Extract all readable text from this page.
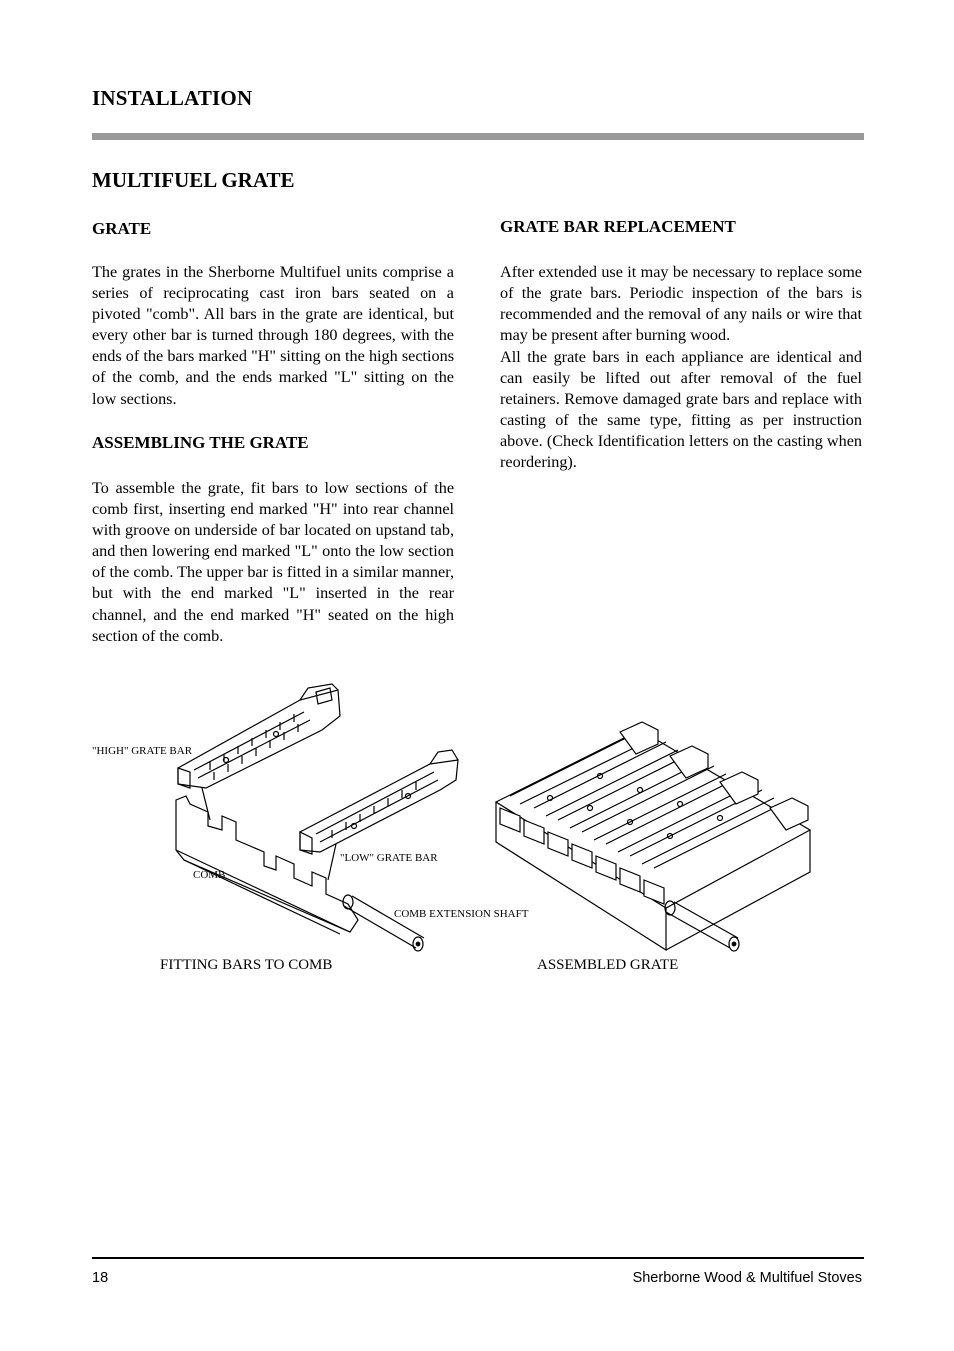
INSTALLATION
MULTIFUEL GRATE
GRATE

The grates in the Sherborne Multifuel units comprise a series of reciprocating cast iron bars seated on a pivoted "comb". All bars in the grate are identical, but every other bar is turned through 180 degrees, with the ends of the bars marked "H" sitting on the high sections of the comb, and the ends marked "L" sitting on the low sections.

ASSEMBLING THE GRATE

To assemble the grate, fit bars to low sections of the comb first, inserting end marked "H" into rear channel with groove on underside of bar located on upstand tab, and then lowering end marked "L" onto the low section of the comb. The upper bar is fitted in a similar manner, but with the end marked "L" inserted in the rear channel, and the end marked "H" seated on the high section of the comb.

GRATE BAR REPLACEMENT

After extended use it may be necessary to replace some of the grate bars. Periodic inspection of the bars is recommended and the removal of any nails or wire that may be present after burning wood.

All the grate bars in each appliance are identical and can easily be lifted out after removal of the fuel retainers. Remove damaged grate bars and replace with casting of the same type, fitting as per instruction above. (Check Identification letters on the casting when reordering).

"HIGH" GRATE BAR
"LOW" GRATE BAR
COMB
COMB EXTENSION SHAFT
FITTING BARS TO COMB	ASSEMBLED GRATE
18	Sherborne Wood & Multifuel Stoves
